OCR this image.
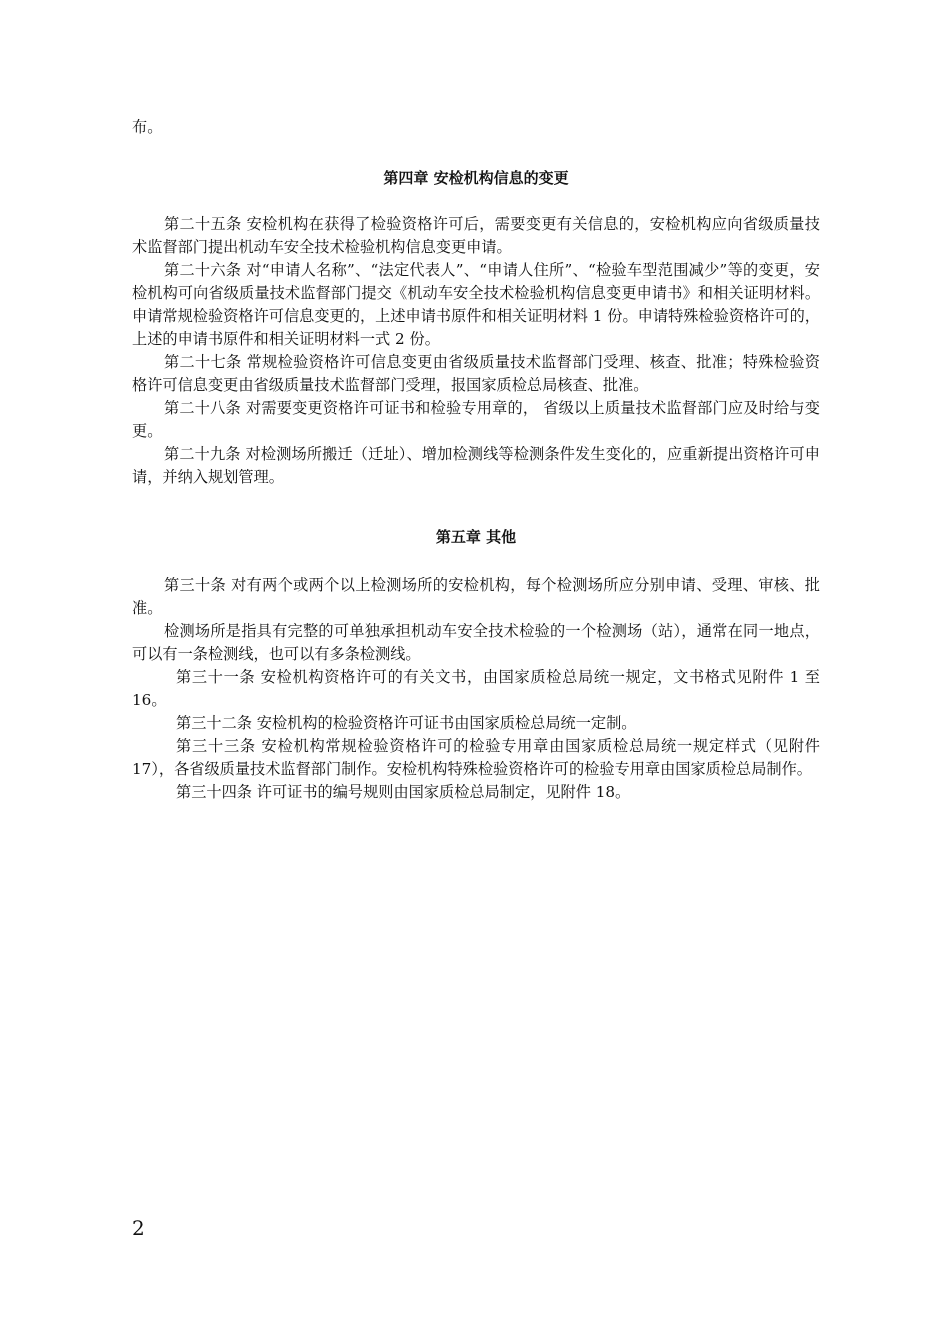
布。

第四章 安检机构信息的变更

第二十五条 安检机构在获得了检验资格许可后，需要变更有关信息的，安检机构应向省级质量技术监督部门提出机动车安全技术检验机构信息变更申请。

第二十六条 对“申请人名称”、“法定代表人”、“申请人住所”、“检验车型范围减少”等的变更，安检机构可向省级质量技术监督部门提交《机动车安全技术检验机构信息变更申请书》和相关证明材料。申请常规检验资格许可信息变更的，上述申请书原件和相关证明材料 1 份。申请特殊检验资格许可的，上述的申请书原件和相关证明材料一式 2 份。

第二十七条 常规检验资格许可信息变更由省级质量技术监督部门受理、核查、批准；特殊检验资格许可信息变更由省级质量技术监督部门受理，报国家质检总局核查、批准。

第二十八条 对需要变更资格许可证书和检验专用章的， 省级以上质量技术监督部门应及时给与变更。

第二十九条 对检测场所搬迁（迁址）、增加检测线等检测条件发生变化的，应重新提出资格许可申请，并纳入规划管理。

第五章 其他

第三十条 对有两个或两个以上检测场所的安检机构，每个检测场所应分别申请、受理、审核、批准。

检测场所是指具有完整的可单独承担机动车安全技术检验的一个检测场（站），通常在同一地点，可以有一条检测线，也可以有多条检测线。

第三十一条 安检机构资格许可的有关文书，由国家质检总局统一规定，文书格式见附件 1 至 16。

第三十二条 安检机构的检验资格许可证书由国家质检总局统一定制。

第三十三条 安检机构常规检验资格许可的检验专用章由国家质检总局统一规定样式（见附件 17），各省级质量技术监督部门制作。安检机构特殊检验资格许可的检验专用章由国家质检总局制作。

第三十四条 许可证书的编号规则由国家质检总局制定，见附件 18。

2
